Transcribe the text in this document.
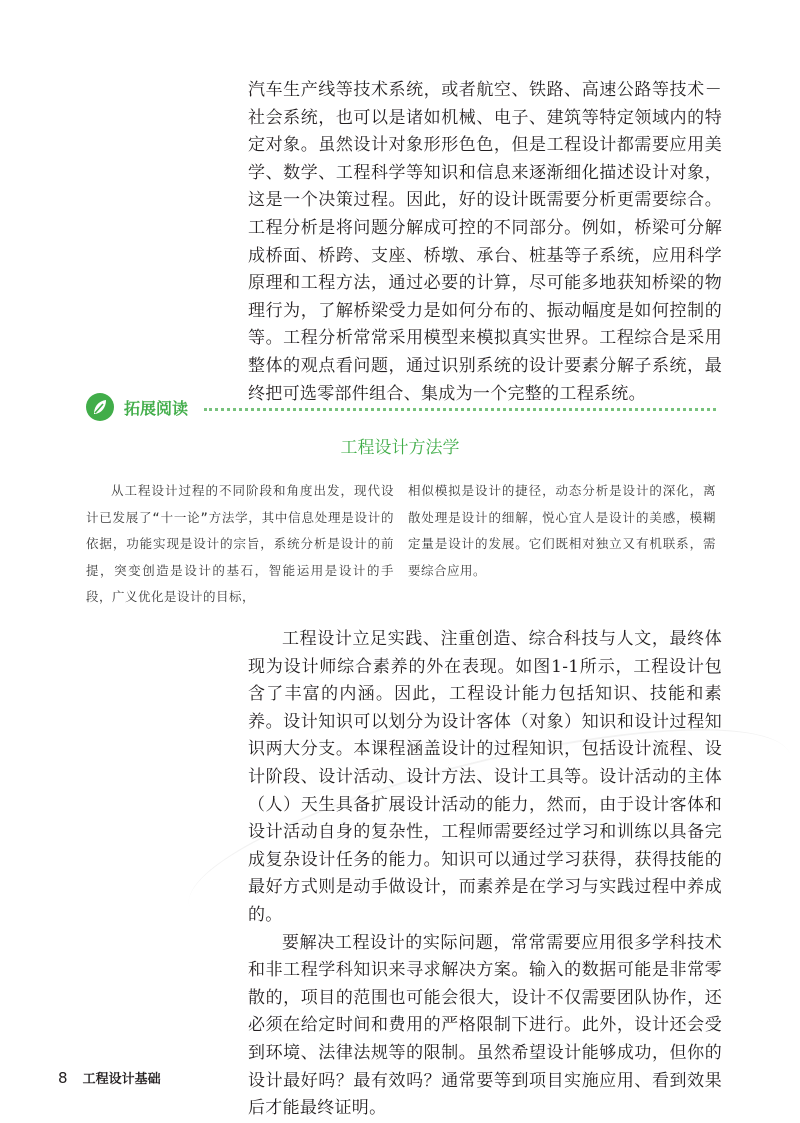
汽车生产线等技术系统，或者航空、铁路、高速公路等技术－社会系统，也可以是诸如机械、电子、建筑等特定领域内的特定对象。虽然设计对象形形色色，但是工程设计都需要应用美学、数学、工程科学等知识和信息来逐渐细化描述设计对象，这是一个决策过程。因此，好的设计既需要分析更需要综合。工程分析是将问题分解成可控的不同部分。例如，桥梁可分解成桥面、桥跨、支座、桥墩、承台、桩基等子系统，应用科学原理和工程方法，通过必要的计算，尽可能多地获知桥梁的物理行为，了解桥梁受力是如何分布的、振动幅度是如何控制的等。工程分析常常采用模型来模拟真实世界。工程综合是采用整体的观点看问题，通过识别系统的设计要素分解子系统，最终把可选零部件组合、集成为一个完整的工程系统。

拓展阅读
工程设计方法学

从工程设计过程的不同阶段和角度出发，现代设计已发展了“十一论”方法学，其中信息处理是设计的依据，功能实现是设计的宗旨，系统分析是设计的前提，突变创造是设计的基石，智能运用是设计的手段，广义优化是设计的目标，

相似模拟是设计的捷径，动态分析是设计的深化，离散处理是设计的细解，悦心宜人是设计的美感，模糊定量是设计的发展。它们既相对独立又有机联系，需要综合应用。

工程设计立足实践、注重创造、综合科技与人文，最终体现为设计师综合素养的外在表现。如图1-1所示，工程设计包含了丰富的内涵。因此，工程设计能力包括知识、技能和素养。设计知识可以划分为设计客体（对象）知识和设计过程知识两大分支。本课程涵盖设计的过程知识，包括设计流程、设计阶段、设计活动、设计方法、设计工具等。设计活动的主体（人）天生具备扩展设计活动的能力，然而，由于设计客体和设计活动自身的复杂性，工程师需要经过学习和训练以具备完成复杂设计任务的能力。知识可以通过学习获得，获得技能的最好方式则是动手做设计，而素养是在学习与实践过程中养成的。

要解决工程设计的实际问题，常常需要应用很多学科技术和非工程学科知识来寻求解决方案。输入的数据可能是非常零散的，项目的范围也可能会很大，设计不仅需要团队协作，还必须在给定时间和费用的严格限制下进行。此外，设计还会受到环境、法律法规等的限制。虽然希望设计能够成功，但你的设计最好吗？最有效吗？通常要等到项目实施应用、看到效果后才能最终证明。

8 工程设计基础
